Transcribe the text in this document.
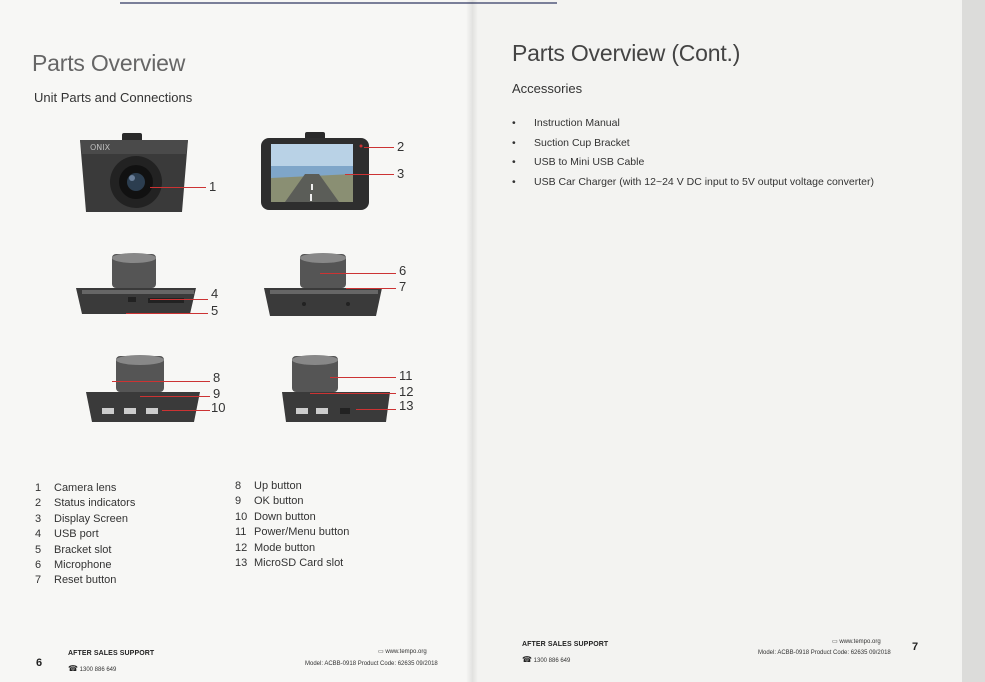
Parts Overview
Unit Parts and Connections
ONIX
1
2
3
4
5
6
7
8
9
10
11
12
13
1 Camera lens
2 Status indicators
3 Display Screen
4 USB port
5 Bracket slot
6 Microphone
7 Reset button
8 Up button
9 OK button
10 Down button
11 Power/Menu button
12 Mode button
13 MicroSD Card slot
6
AFTER SALES SUPPORT
☎ 1300 886 649
▭ www.tempo.org
Model: ACBB-0918 Product Code: 62635 09/2018
Parts Overview (Cont.)
Accessories
• Instruction Manual
• Suction Cup Bracket
• USB to Mini USB Cable
• USB Car Charger (with 12~24 V DC input to 5V output voltage converter)
AFTER SALES SUPPORT
☎ 1300 886 649
▭ www.tempo.org
Model: ACBB-0918 Product Code: 62635 09/2018 7
